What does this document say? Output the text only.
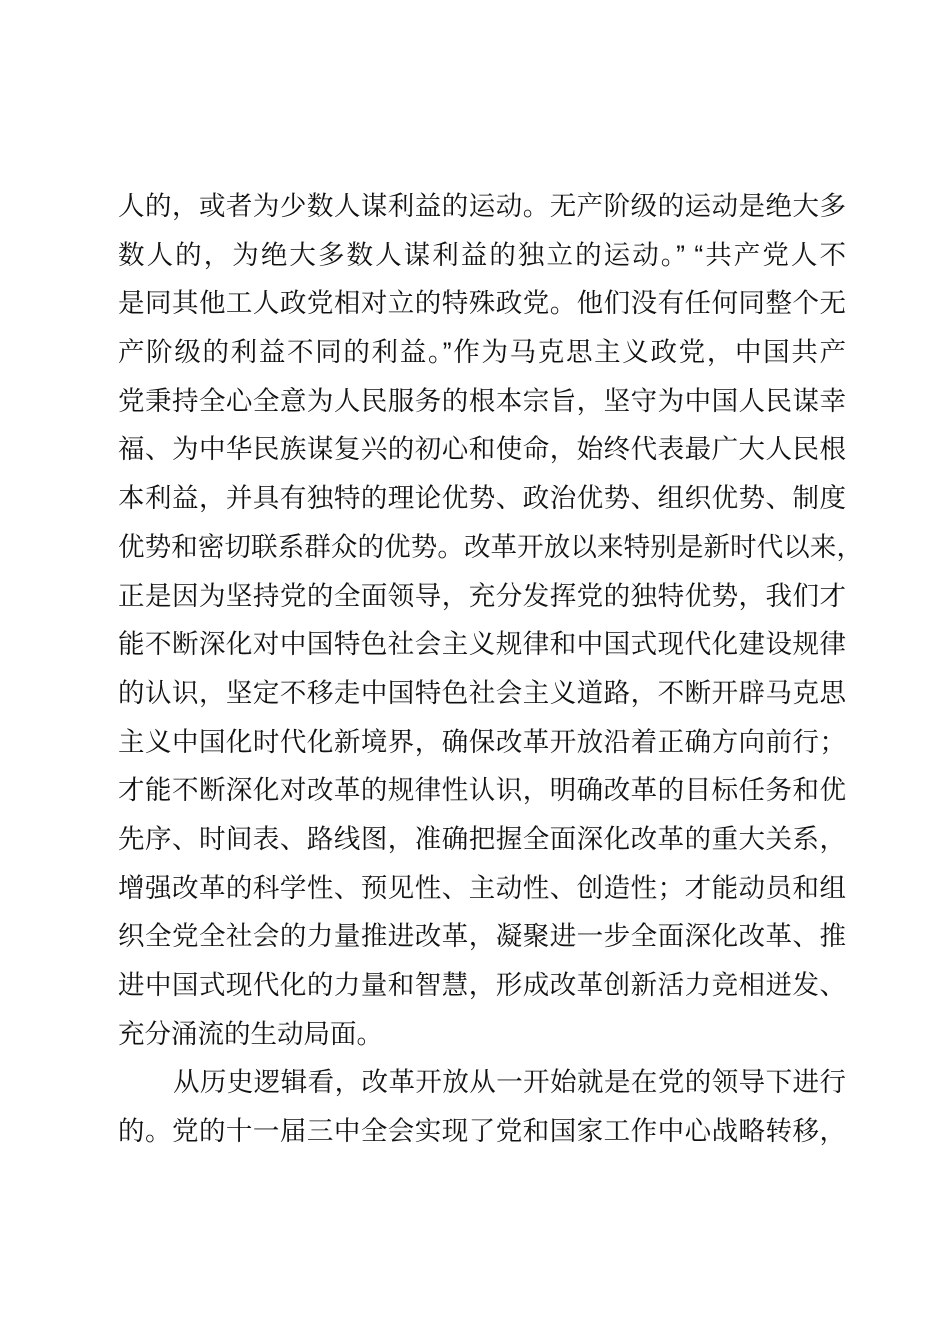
人的，或者为少数人谋利益的运动。无产阶级的运动是绝大多
数人的，为绝大多数人谋利益的独立的运动。” “共产党人不
是同其他工人政党相对立的特殊政党。他们没有任何同整个无
产阶级的利益不同的利益。”作为马克思主义政党，中国共产
党秉持全心全意为人民服务的根本宗旨，坚守为中国人民谋幸
福、为中华民族谋复兴的初心和使命，始终代表最广大人民根
本利益，并具有独特的理论优势、政治优势、组织优势、制度
优势和密切联系群众的优势。改革开放以来特别是新时代以来，
正是因为坚持党的全面领导，充分发挥党的独特优势，我们才
能不断深化对中国特色社会主义规律和中国式现代化建设规律
的认识，坚定不移走中国特色社会主义道路，不断开辟马克思
主义中国化时代化新境界，确保改革开放沿着正确方向前行；
才能不断深化对改革的规律性认识，明确改革的目标任务和优
先序、时间表、路线图，准确把握全面深化改革的重大关系，
增强改革的科学性、预见性、主动性、创造性；才能动员和组
织全党全社会的力量推进改革，凝聚进一步全面深化改革、推
进中国式现代化的力量和智慧，形成改革创新活力竞相迸发、
充分涌流的生动局面。
从历史逻辑看，改革开放从一开始就是在党的领导下进行
的。党的十一届三中全会实现了党和国家工作中心战略转移，
